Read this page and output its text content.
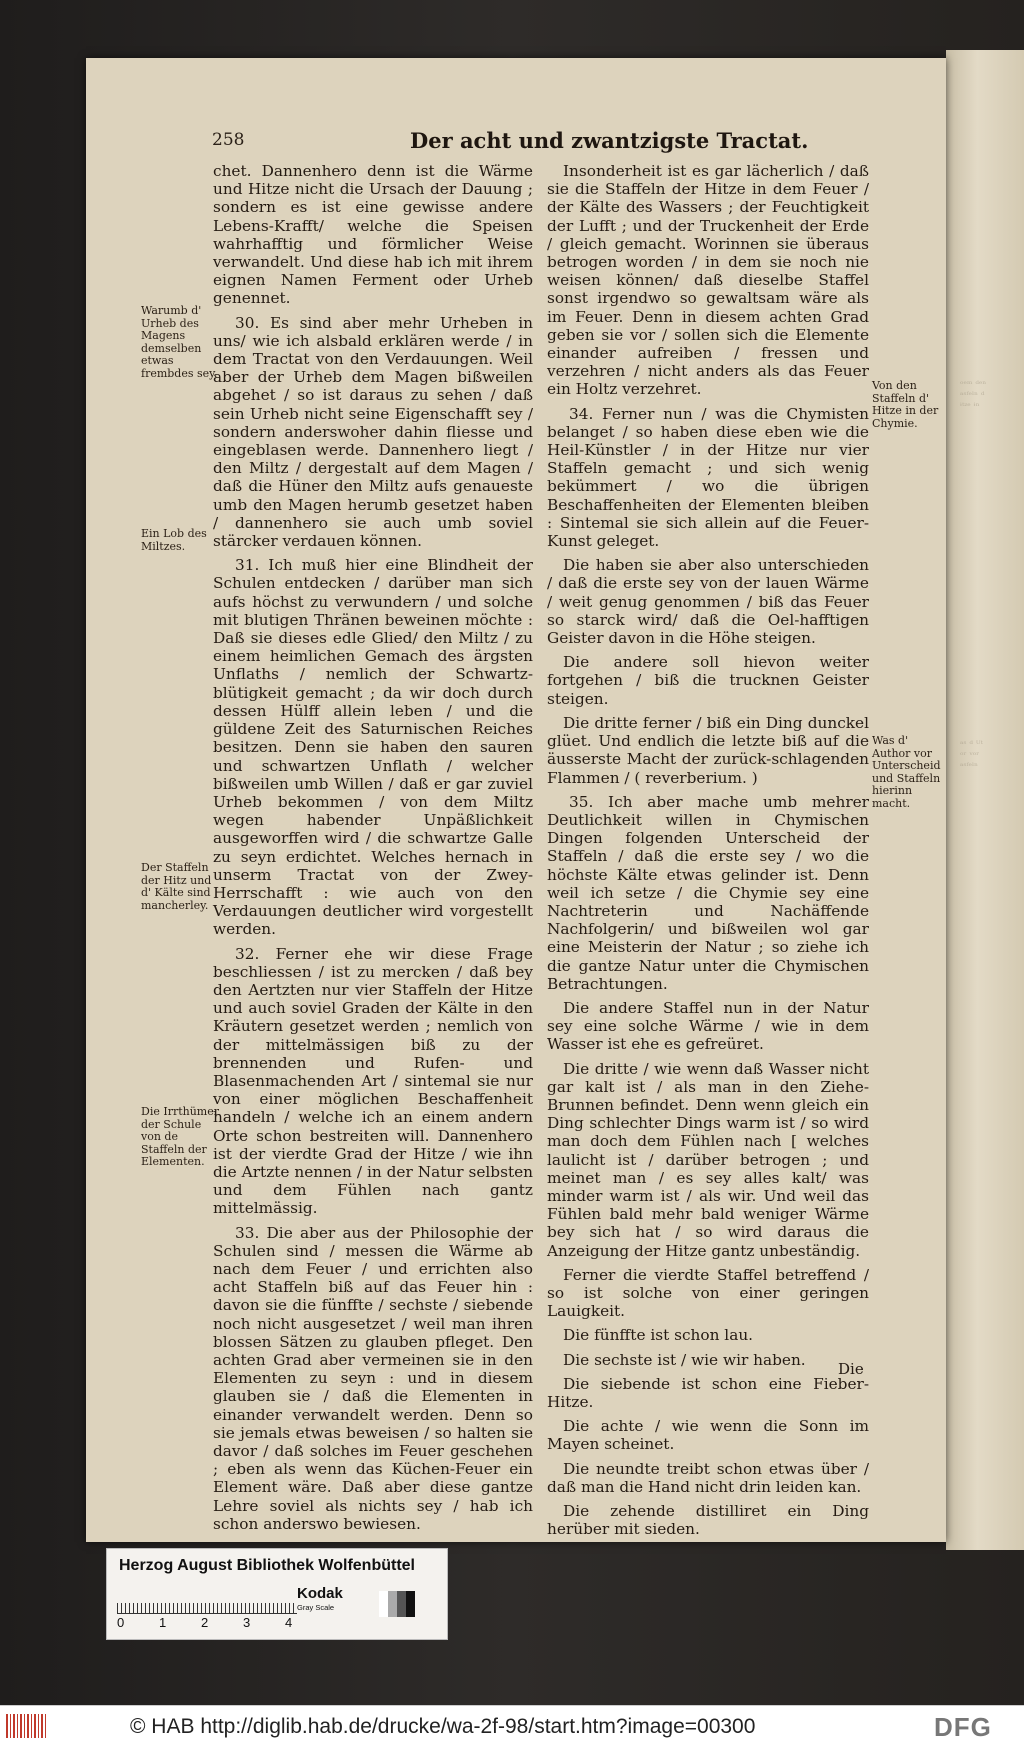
ᵒᵉᵐ ᵈᵉⁿ
ᵃˢᶠᵉˡⁿ ᵈ
ᶤᵗᶻᵉ ᶤⁿ
ᵃˢ ᵈ ᵁᵗ
ᵒʳ ᵛᵒʳ
ᵃˢᶠᵉˡⁿ
258	Der acht und zwantzigste Tractat.
Warumb d' Urheb des Magens demselben etwas frembdes sey.
Ein Lob des Miltzes.
Der Staffeln der Hitz und d' Kälte sind mancherley.
Die Irrthümer der Schule von de Staffeln der Elementen.
Von den Staffeln d' Hitze in der Chymie.
Was d' Author vor Unterscheid und Staffeln hierinn macht.

chet. Dannenhero denn ist die Wärme und Hitze nicht die Ursach der Dauung ; sondern es ist eine gewisse andere Lebens-Krafft/ welche die Speisen wahrhafftig und förmlicher Weise verwandelt. Und diese hab ich mit ihrem eignen Namen Ferment oder Urheb genennet.

30. Es sind aber mehr Urheben in uns/ wie ich alsbald erklären werde / in dem Tractat von den Verdauungen. Weil aber der Urheb dem Magen bißweilen abgehet / so ist daraus zu sehen / daß sein Urheb nicht seine Eigenschafft sey / sondern anderswoher dahin fliesse und eingeblasen werde. Dannenhero liegt / den Miltz / dergestalt auf dem Magen / daß die Hüner den Miltz aufs genaueste umb den Magen herumb gesetzet haben / dannenhero sie auch umb soviel stärcker verdauen können.

31. Ich muß hier eine Blindheit der Schulen entdecken / darüber man sich aufs höchst zu verwundern / und solche mit blutigen Thränen beweinen möchte : Daß sie dieses edle Glied/ den Miltz / zu einem heimlichen Gemach des ärgsten Unflaths / nemlich der Schwartz-blütigkeit gemacht ; da wir doch durch dessen Hülff allein leben / und die güldene Zeit des Saturnischen Reiches besitzen. Denn sie haben den sauren und schwartzen Unflath / welcher bißweilen umb Willen / daß er gar zuviel Urheb bekommen / von dem Miltz wegen habender Unpäßlichkeit ausgeworffen wird / die schwartze Galle zu seyn erdichtet. Welches hernach in unserm Tractat von der Zwey-Herrschafft : wie auch von den Verdauungen deutlicher wird vorgestellt werden.

32. Ferner ehe wir diese Frage beschliessen / ist zu mercken / daß bey den Aertzten nur vier Staffeln der Hitze und auch soviel Graden der Kälte in den Kräutern gesetzet werden ; nemlich von der mittelmässigen biß zu der brennenden und Rufen- und Blasenmachenden Art / sintemal sie nur von einer möglichen Beschaffenheit handeln / welche ich an einem andern Orte schon bestreiten will. Dannenhero ist der vierdte Grad der Hitze / wie ihn die Artzte nennen / in der Natur selbsten und dem Fühlen nach gantz mittelmässig.

33. Die aber aus der Philosophie der Schulen sind / messen die Wärme ab nach dem Feuer / und errichten also acht Staffeln biß auf das Feuer hin : davon sie die fünffte / sechste / siebende noch nicht ausgesetzet / weil man ihren blossen Sätzen zu glauben pfleget. Den achten Grad aber vermeinen sie in den Elementen zu seyn : und in diesem glauben sie / daß die Elementen in einander verwandelt werden. Denn so sie jemals etwas beweisen / so halten sie davor / daß solches im Feuer geschehen ; eben als wenn das Küchen-Feuer ein Element wäre. Daß aber diese gantze Lehre soviel als nichts sey / hab ich schon anderswo bewiesen.

Insonderheit ist es gar lächerlich / daß sie die Staffeln der Hitze in dem Feuer / der Kälte des Wassers ; der Feuchtigkeit der Lufft ; und der Truckenheit der Erde / gleich gemacht. Worinnen sie überaus betrogen worden / in dem sie noch nie weisen können/ daß dieselbe Staffel sonst irgendwo so gewaltsam wäre als im Feuer. Denn in diesem achten Grad geben sie vor / sollen sich die Elemente einander aufreiben / fressen und verzehren / nicht anders als das Feuer ein Holtz verzehret.

34. Ferner nun / was die Chymisten belanget / so haben diese eben wie die Heil-Künstler / in der Hitze nur vier Staffeln gemacht ; und sich wenig bekümmert / wo die übrigen Beschaffenheiten der Elementen bleiben : Sintemal sie sich allein auf die Feuer-Kunst geleget.

Die haben sie aber also unterschieden / daß die erste sey von der lauen Wärme / weit genug genommen / biß das Feuer so starck wird/ daß die Oel-hafftigen Geister davon in die Höhe steigen.

Die andere soll hievon weiter fortgehen / biß die trucknen Geister steigen.

Die dritte ferner / biß ein Ding dunckel glüet. Und endlich die letzte biß auf die äusserste Macht der zurück-schlagenden Flammen / ( reverberium. )

35. Ich aber mache umb mehrer Deutlichkeit willen in Chymischen Dingen folgenden Unterscheid der Staffeln / daß die erste sey / wo die höchste Kälte etwas gelinder ist. Denn weil ich setze / die Chymie sey eine Nachtreterin und Nachäffende Nachfolgerin/ und bißweilen wol gar eine Meisterin der Natur ; so ziehe ich die gantze Natur unter die Chymischen Betrachtungen.

Die andere Staffel nun in der Natur sey eine solche Wärme / wie in dem Wasser ist ehe es gefreüret.

Die dritte / wie wenn daß Wasser nicht gar kalt ist / als man in den Ziehe-Brunnen befindet. Denn wenn gleich ein Ding schlechter Dings warm ist / so wird man doch dem Fühlen nach [ welches laulicht ist / darüber betrogen ; und meinet man / es sey alles kalt/ was minder warm ist / als wir. Und weil das Fühlen bald mehr bald weniger Wärme bey sich hat / so wird daraus die Anzeigung der Hitze gantz unbeständig.

Ferner die vierdte Staffel betreffend / so ist solche von einer geringen Lauigkeit.

Die fünffte ist schon lau.

Die sechste ist / wie wir haben.

Die siebende ist schon eine Fieber-Hitze.

Die achte / wie wenn die Sonn im Mayen scheinet.

Die neundte treibt schon etwas über / daß man die Hand nicht drin leiden kan.

Die zehende distilliret ein Ding herüber mit sieden.

Die
Herzog August Bibliothek Wolfenbüttel
0	1	2	3	4
Kodak
Gray Scale
© HAB http://diglib.hab.de/drucke/wa-2f-98/start.htm?image=00300	DFG
